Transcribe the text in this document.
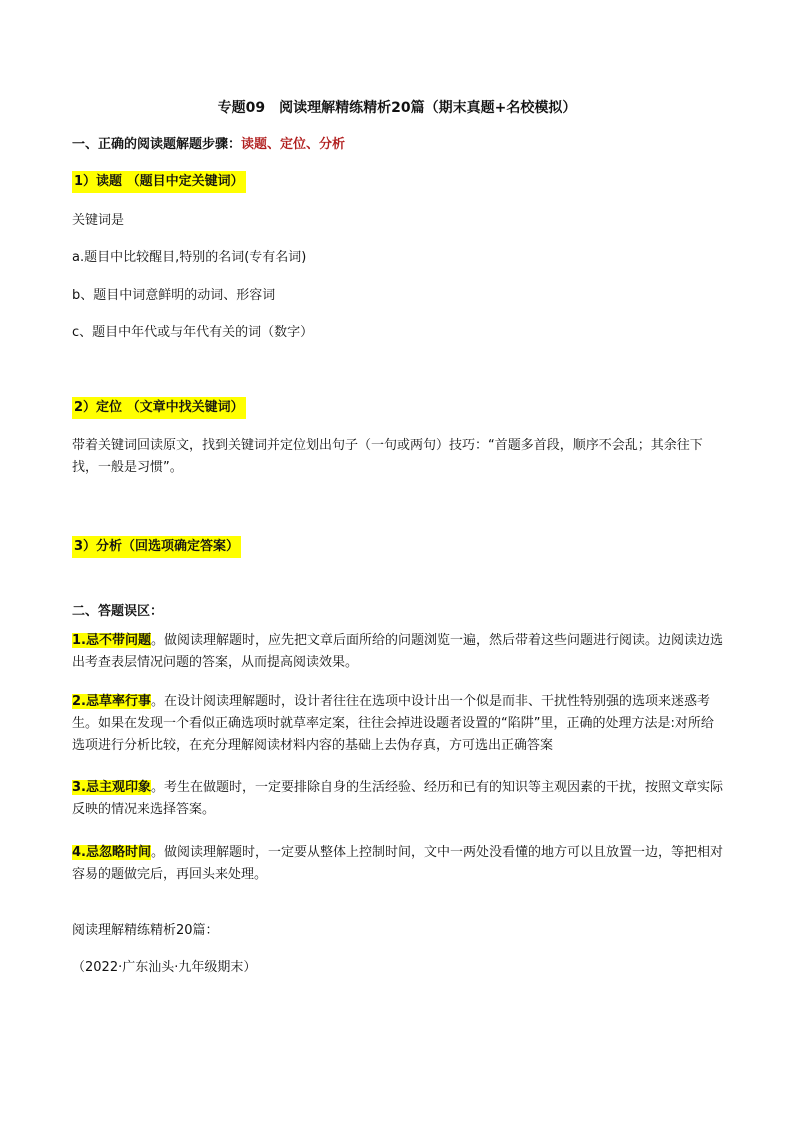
专题09　阅读理解精练精析20篇（期末真题+名校模拟）
一、正确的阅读题解题步骤：读题、定位、分析
1）读题 （题目中定关键词）
关键词是
a.题目中比较醒目,特别的名词(专有名词)
b、题目中词意鲜明的动词、形容词
c、题目中年代或与年代有关的词（数字）
2）定位 （文章中找关键词）
带着关键词回读原文，找到关键词并定位划出句子（一句或两句）技巧：“首题多首段，顺序不会乱；其余往下找，一般是习惯”。
3）分析（回选项确定答案）
二、答题误区：
1.忌不带问题。做阅读理解题时，应先把文章后面所给的问题浏览一遍，然后带着这些问题进行阅读。边阅读边选出考查表层情况问题的答案，从而提高阅读效果。
2.忌草率行事。在设计阅读理解题时，设计者往往在选项中设计出一个似是而非、干扰性特别强的选项来迷惑考生。如果在发现一个看似正确选项时就草率定案，往往会掉进设题者设置的“陷阱”里，正确的处理方法是:对所给选项进行分析比较，在充分理解阅读材料内容的基础上去伪存真，方可选出正确答案
3.忌主观印象。考生在做题时，一定要排除自身的生活经验、经历和已有的知识等主观因素的干扰，按照文章实际反映的情况来选择答案。
4.忌忽略时间。做阅读理解题时，一定要从整体上控制时间，文中一两处没看懂的地方可以且放置一边，等把相对容易的题做完后，再回头来处理。
阅读理解精练精析20篇：
（2022·广东汕头·九年级期末）
